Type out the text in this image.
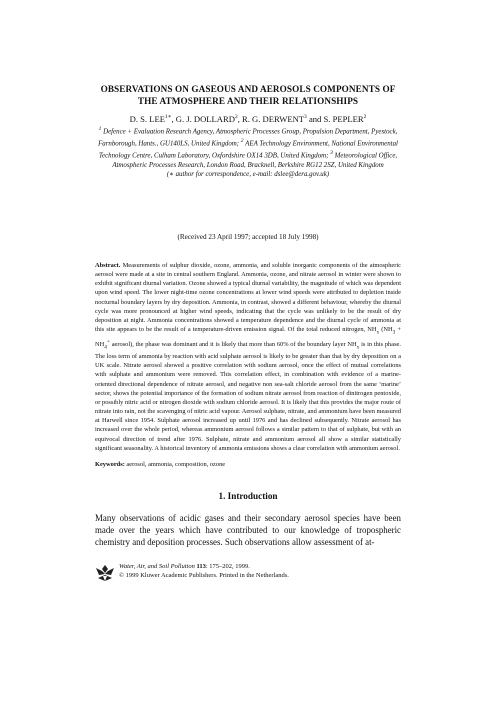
OBSERVATIONS ON GASEOUS AND AEROSOLS COMPONENTS OF
THE ATMOSPHERE AND THEIR RELATIONSHIPS
D. S. $LEE^{1∗}$, G. J. DOLLARD$^2$, R. G. DERWENT$^3$ and S. PEPLER$^2$
$^1$ Defence + Evaluation Research Agency, Atmospheric Processes Group, Propulsion Department, Pyestock, Farnborough, Hants., GU140LS, United Kingdom; $^2$ AEA Technology Environment, National Environmental Technology Centre, Culham Laboratory, Oxfordshire OX14 3DB, United Kingdom; $^3$ Meteorological Office, Atmospheric Processes Research, London Road, Bracknell, Berkshire RG12 2SZ, United Kingdom
(∗ author for correspondence, e-mail: dslee@dera.gov.uk)
(Received 23 April 1997; accepted 18 July 1998)
Abstract. Measurements of sulphur dioxide, ozone, ammonia, and soluble inorganic components of the atmospheric aerosol were made at a site in central southern England. Ammonia, ozone, and nitrate aerosol in winter were shown to exhibit significant diurnal variation. Ozone showed a typical diurnal variability, the magnitude of which was dependent upon wind speed. The lower night-time ozone concentrations at lower wind speeds were attributed to depletion inside nocturnal boundary layers by dry deposition. Ammonia, in contrast, showed a different behaviour, whereby the diurnal cycle was more pronounced at higher wind speeds, indicating that the cycle was unlikely to be the result of dry deposition at night. Ammonia concentrations showed a temperature dependence and the diurnal cycle of ammonia at this site appears to be the result of a temperature-driven emission signal. Of the total reduced nitrogen, $NH_x$ ($NH_3 + NH_4^+$ aerosol), the phase was dominant and it is likely that more than 60% of the boundary layer $NH_x$ is in this phase. The loss term of ammonia by reaction with acid sulphate aerosol is likely to be greater than that by dry deposition on a UK scale. Nitrate aerosol showed a positive correlation with sodium aerosol, once the effect of mutual correlations with sulphate and ammonium were removed. This correlation effect, in combination with evidence of a marine-oriented directional dependence of nitrate aerosol, and negative non sea-salt chloride aerosol from the same ‘marine’ sector, shows the potential importance of the formation of sodium nitrate aerosol from reaction of dinitrogen pentoxide, or possibly nitric acid or nitrogen dioxide with sodium chloride aerosol. It is likely that this provides the major route of nitrate into rain, not the scavenging of nitric acid vapour. Aerosol sulphate, nitrate, and ammonium have been measured at Harwell since 1954. Sulphate aerosol increased up until 1976 and has declined subsequently. Nitrate aerosol has increased over the whole period, whereas ammonium aerosol follows a similar pattern to that of sulphate, but with an equivocal direction of trend after 1976. Sulphate, nitrate and ammonium aerosol all show a similar statistically significant seasonality. A historical inventory of ammonia emissions shows a clear correlation with ammonium aerosol.
Keywords: aerosol, ammonia, composition, ozone
1. Introduction
Many observations of acidic gases and their secondary aerosol species have been made over the years which have contributed to our knowledge of tropospheric chemistry and deposition processes. Such observations allow assessment of at-
Water, Air, and Soil Pollution 113: 175–202, 1999.
© 1999 Kluwer Academic Publishers. Printed in the Netherlands.
